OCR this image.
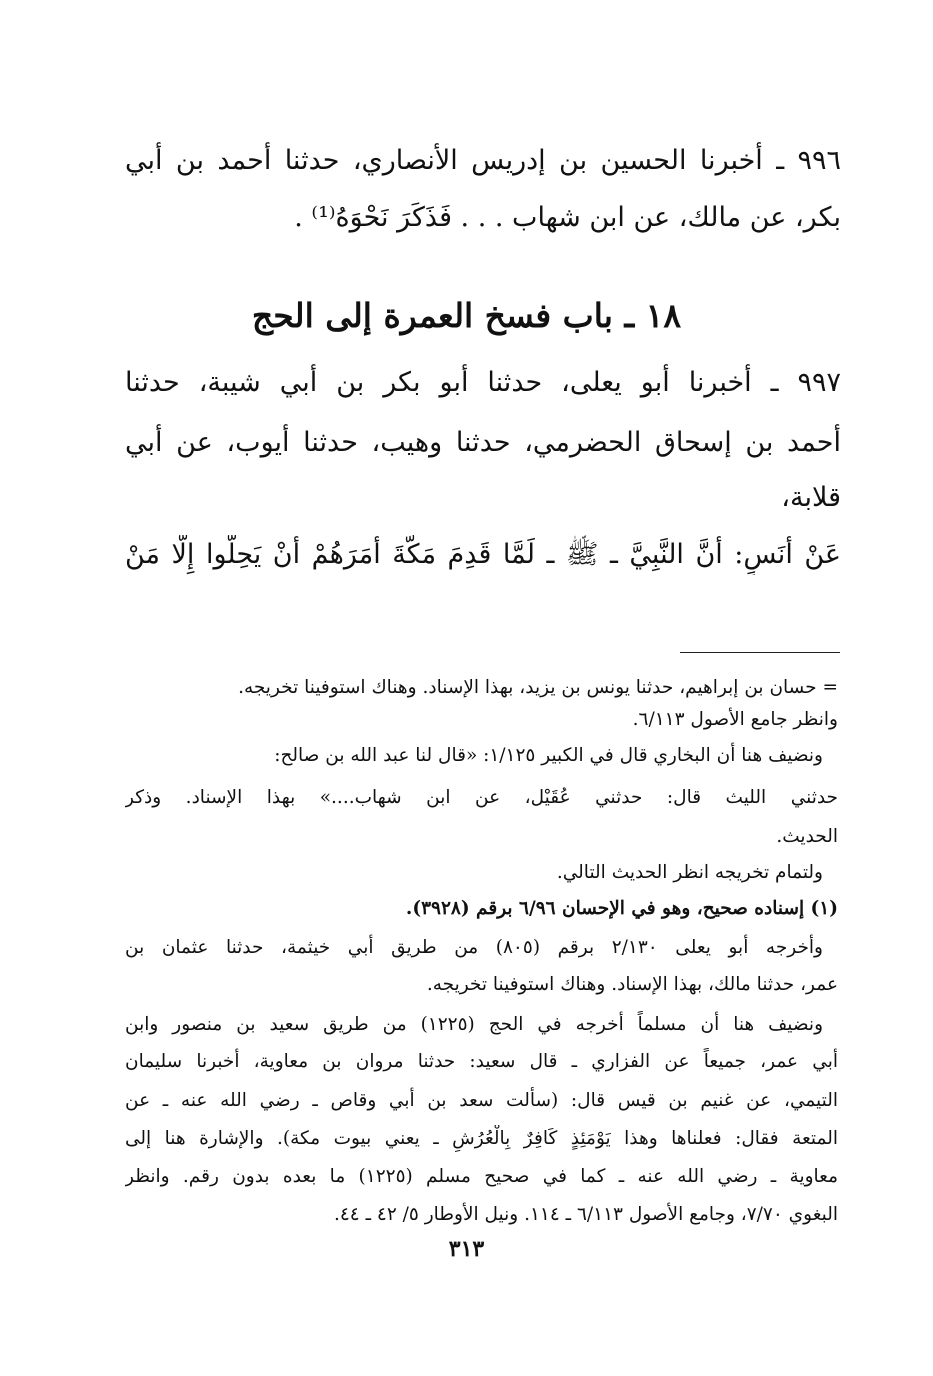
٩٩٦ ـ أخبرنا الحسين بن إدريس الأنصاري، حدثنا أحمد بن أبي
بكر، عن مالك، عن ابن شهاب . . . فَذَكَرَ نَحْوَهُ⁽¹⁾ .
١٨ ـ باب فسخ العمرة إلى الحج
٩٩٧ ـ أخبرنا أبو يعلى، حدثنا أبو بكر بن أبي شيبة، حدثنا
أحمد بن إسحاق الحضرمي، حدثنا وهيب، حدثنا أيوب، عن أبي
قلابة،
عَنْ أَنَسٍ: أَنَّ النَّبِيَّ ـ ﷺ ـ لَمَّا قَدِمَ مَكَّةَ أَمَرَهُمْ أَنْ يَحِلُّوا إِلَّا مَنْ
= حسان بن إبراهيم، حدثنا يونس بن يزيد، بهذا الإسناد. وهناك استوفينا تخريجه.
وانظر جامع الأصول ٦/١١٣.
ونضيف هنا أن البخاري قال في الكبير ١/١٢٥: «قال لنا عبد الله بن صالح:
حدثني الليث قال: حدثني عُقَيْل، عن ابن شهاب....» بهذا الإسناد. وذكر
الحديث.
ولتمام تخريجه انظر الحديث التالي.
(١) إسناده صحيح، وهو في الإحسان ٦/٩٦ برقم (٣٩٢٨).
وأخرجه أبو يعلى ٢/١٣٠ برقم (٨٠٥) من طريق أبي خيثمة، حدثنا عثمان بن
عمر، حدثنا مالك، بهذا الإسناد. وهناك استوفينا تخريجه.
ونضيف هنا أن مسلماً أخرجه في الحج (١٢٢٥) من طريق سعيد بن منصور وابن
أبي عمر، جميعاً عن الفزاري ـ قال سعيد: حدثنا مروان بن معاوية، أخبرنا سليمان
التيمي، عن غنيم بن قيس قال: (سألت سعد بن أبي وقاص ـ رضي الله عنه ـ عن
المتعة فقال: فعلناها وهذا يَوْمَئِذٍ كَافِرٌ بِالْعُرُشِ ـ يعني بيوت مكة). والإشارة هنا إلى
معاوية ـ رضي الله عنه ـ كما في صحيح مسلم (١٢٢٥) ما بعده بدون رقم. وانظر
البغوي ٧/٧٠، وجامع الأصول ٦/١١٣ ـ ١١٤. ونيل الأوطار ٥/ ٤٢ ـ ٤٤.
٣١٣
